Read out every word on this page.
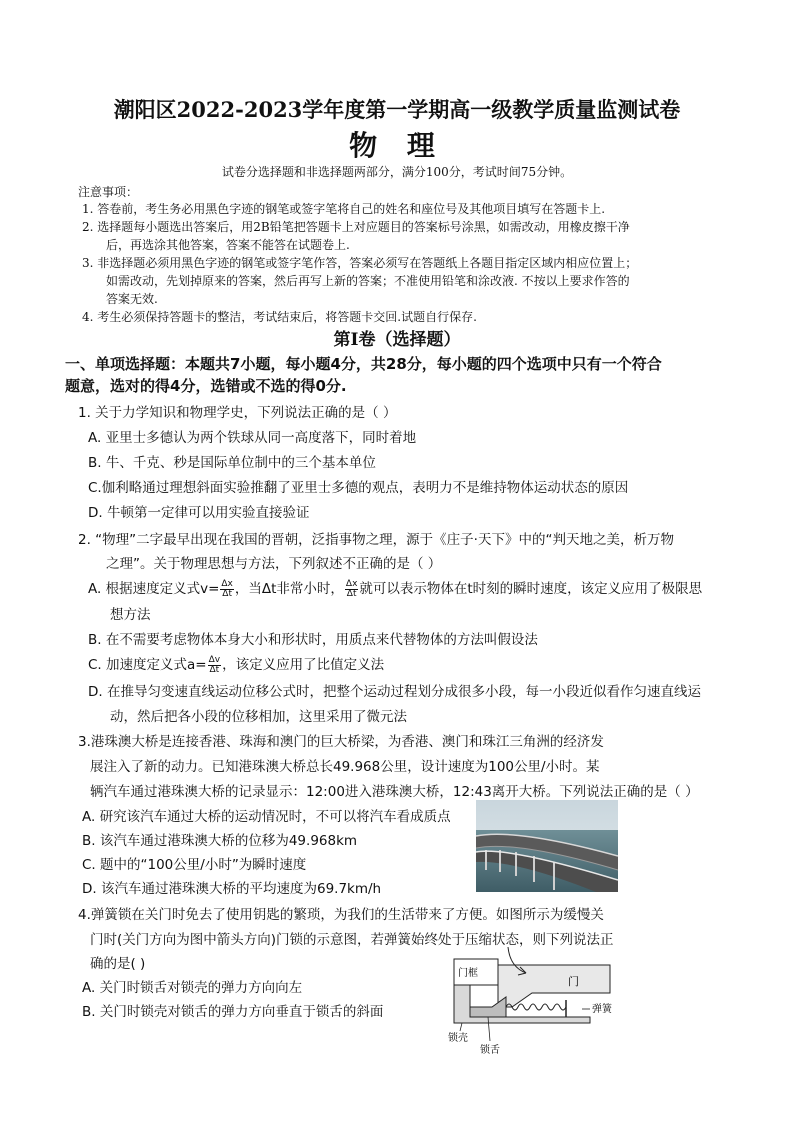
潮阳区2022-2023学年度第一学期高一级教学质量监测试卷
物 理
试卷分选择题和非选择题两部分，满分100分，考试时间75分钟。
注意事项：
1. 答卷前，考生务必用黑色字迹的钢笔或签字笔将自己的姓名和座位号及其他项目填写在答题卡上.
2. 选择题每小题选出答案后，用2B铅笔把答题卡上对应题目的答案标号涂黑，如需改动，用橡皮擦干净
后，再选涂其他答案，答案不能答在试题卷上.
3. 非选择题必须用黑色字迹的钢笔或签字笔作答，答案必须写在答题纸上各题目指定区域内相应位置上；
如需改动，先划掉原来的答案，然后再写上新的答案；不准使用铅笔和涂改液. 不按以上要求作答的
答案无效.
4. 考生必须保持答题卡的整洁，考试结束后，将答题卡交回.试题自行保存.
第Ⅰ卷（选择题）
一、单项选择题：本题共7小题，每小题4分，共28分，每小题的四个选项中只有一个符合
题意，选对的得4分，选错或不选的得0分.
1. 关于力学知识和物理学史，下列说法正确的是（ ）
A. 亚里士多德认为两个铁球从同一高度落下，同时着地
B. 牛、千克、秒是国际单位制中的三个基本单位
C.伽利略通过理想斜面实验推翻了亚里士多德的观点，表明力不是维持物体运动状态的原因
D. 牛顿第一定律可以用实验直接验证
2. “物理”二字最早出现在我国的晋朝，泛指事物之理，源于《庄子·天下》中的“判天地之美，析万物
之理”。关于物理思想与方法，下列叙述不正确的是（ ）
A. 根据速度定义式$v= \frac{\Delta x}{\Delta t}$ ，当Δt非常小时， $\frac{\Delta x}{\Delta t}$ 就可以表示物体在t时刻的瞬时速度，该定义应用了极限思
想方法
B. 在不需要考虑物体本身大小和形状时，用质点来代替物体的方法叫假设法
C. 加速度定义式$a= \frac{\Delta v}{\Delta t}$ ，该定义应用了比值定义法
D. 在推导匀变速直线运动位移公式时，把整个运动过程划分成很多小段，每一小段近似看作匀速直线运
动，然后把各小段的位移相加，这里采用了微元法
3.港珠澳大桥是连接香港、珠海和澳门的巨大桥梁，为香港、澳门和珠江三角洲的经济发
展注入了新的动力。已知港珠澳大桥总长49.968公里，设计速度为100公里/小时。某
辆汽车通过港珠澳大桥的记录显示：12:00进入港珠澳大桥，12:43离开大桥。下列说法正确的是（ ）
A. 研究该汽车通过大桥的运动情况时，不可以将汽车看成质点
B. 该汽车通过港珠澳大桥的位移为49.968km
C. 题中的“100公里/小时”为瞬时速度
D. 该汽车通过港珠澳大桥的平均速度为69.7km/h
4.弹簧锁在关门时免去了使用钥匙的繁琐，为我们的生活带来了方便。如图所示为缓慢关
门时(关门方向为图中箭头方向)门锁的示意图，若弹簧始终处于压缩状态，则下列说法正
确的是( )
A. 关门时锁舌对锁壳的弹力方向向左
B. 关门时锁壳对锁舌的弹力方向垂直于锁舌的斜面
门框
门
锁壳
锁舌
弹簧
